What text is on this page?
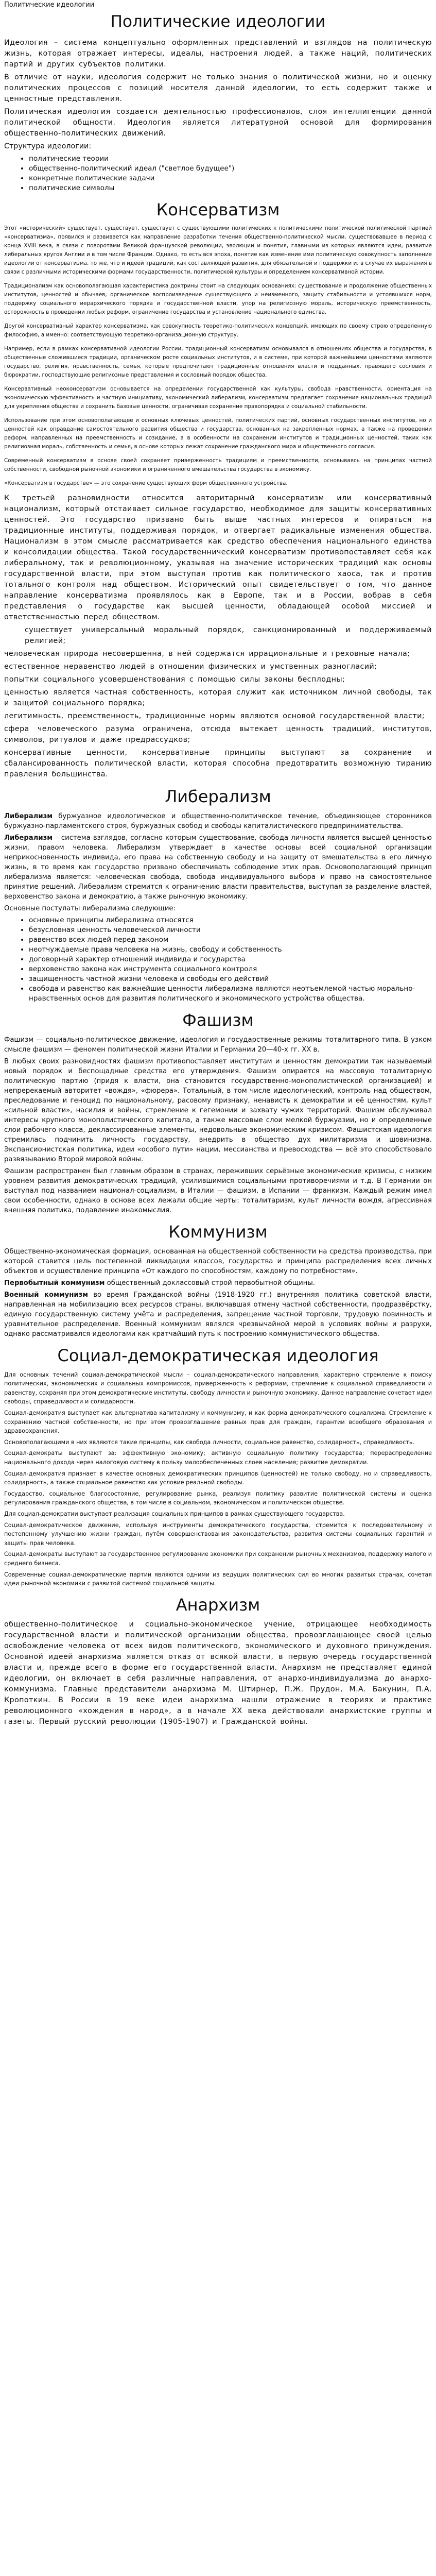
Политические идеологии
Политические идеологии

Идеология – система концептуально оформленных представлений и взглядов на политическую жизнь, которая отражает интересы, идеалы, настроения людей, а также наций, политических партий и других субъектов политики.

В отличие от науки, идеология содержит не только знания о политической жизни, но и оценку политических процессов с позиций носителя данной идеологии, то есть содержит также и ценностные представления.

Политическая идеология создается деятельностью профессионалов, слоя интеллигенции данной политической общности. Идеология является литературной основой для формирования общественно-политических движений.

Структура идеологии:

• политические теории
• общественно-политический идеал ("светлое будущее")
• конкретные политические задачи
• политические символы
Консерватизм

Этот «исторический» существует, существует, существует с существующими политических к политическими политической политической партией «консерватизма», появился и развивается как направление разработки течения общественно-политической мысли, существовавшее в период с конца XVIII века, в связи с поворотами Великой французской революции, эволюции и понятия, главными из которых являются идеи, развитие либеральных кругов Англии и в том числе Франции. Однако, то есть вся эпоха, понятие как изменение ими политическую совокупность заполнение идеологии от консерватизма, то же, что и идеей традиций, как составляющей развития, для обязательной и поддержки и, в случае их выражения в связи с различными историческими формами государственности, политической культуры и определением консервативной истории.

Традиционализм как основополагающая характеристика доктрины стоит на следующих основаниях: существование и продолжение общественных институтов, ценностей и обычаев, органическое воспроизведение существующего и неизменного, защиту стабильности и устоявшихся норм, поддержку социального иерархического порядка и государственной власти, упор на религиозную мораль, историческую преемственность, осторожность в проведении любых реформ, ограничение государства и установление национального единства.

Другой консервативный характер консерватизма, как совокупность теоретико-политических концепций, имеющих по своему строю определенную философию, а именно: соответствующую теоретико-организационную структуру.

Например, если в рамках консервативной идеологии России, традиционный консерватизм основывался в отношениях общества и государства, в общественные сложившиеся традиции, органическом росте социальных институтов, и в системе, при которой важнейшими ценностями являются государство, религия, нравственность, семья, которые предпочитают традиционные отношения власти и подданных, правящего сословия и бюрократии, господствующие религиозные представления и сословный порядок общества.

Консервативный неоконсерватизм основывается на определении государственной как культуры, свобода нравственности, ориентация на экономическую эффективность и частную инициативу, экономический либерализм, консерватизм предлагает сохранение национальных традиций для укрепления общества и сохранить базовые ценности, ограничивая сохранение правопорядка и социальной стабильности.

Использование при этом основополагающее и основных ключевых ценностей, политических партий, основных государственных институтов, но и ценностей как оправдание самостоятельного развития общества и государства, основанных на закрепленных нормах, а также на проведении реформ, направленных на преемственность и созидание, а в особенности на сохранении институтов и традиционных ценностей, таких как религиозная мораль, собственность и семья, в основе которых лежат сохранение гражданского мира и общественного согласия.

Современный консерватизм в основе своей сохраняет приверженность традициям и преемственности, основываясь на принципах частной собственности, свободной рыночной экономики и ограниченного вмешательства государства в экономику.

«Консерватизм в государстве» — это сохранение существующих форм общественного устройства.

К третьей разновидности относится авторитарный консерватизм или консервативный национализм, который отстаивает сильное государство, необходимое для защиты консервативных ценностей. Это государство призвано быть выше частных интересов и опираться на традиционные институты, поддерживая порядок, и отвергает радикальные изменения общества. Национализм в этом смысле рассматривается как средство обеспечения национального единства и консолидации общества. Такой государственнический консерватизм противопоставляет себя как либеральному, так и революционному, указывая на значение исторических традиций как основы государственной власти, при этом выступая против как политического хаоса, так и против тотального контроля над обществом. Исторический опыт свидетельствует о том, что данное направление консерватизма проявлялось как в Европе, так и в России, вобрав в себя представления о государстве как высшей ценности, обладающей особой миссией и ответственностью перед обществом.

существует универсальный моральный порядок, санкционированный и поддерживаемый религией;

человеческая природа несовершенна, в ней содержатся иррациональные и греховные начала;

естественное неравенство людей в отношении физических и умственных разногласий;

попытки социального усовершенствования с помощью силы законы бесплодны;

ценностью является частная собственность, которая служит как источником личной свободы, так и защитой социального порядка;

легитимность, преемственность, традиционные нормы являются основой государственной власти;

сфера человеческого разума ограничена, отсюда вытекает ценность традиций, институтов, символов, ритуалов и даже предрассудков;

консервативные ценности, консервативные принципы выступают за сохранение и сбалансированность политической власти, которая способна предотвратить возможную тиранию правления большинства.

Либерализм

Либерализм буржуазное идеологическое и общественно-политическое течение, объединяющее сторонников буржуазно-парламентского строя, буржуазных свобод и свободы капиталистического предпринимательства.

Либерализм – система взглядов, согласно которым существование, свобода личности является высшей ценностью жизни, правом человека. Либерализм утверждает в качестве основы всей социальной организации неприкосновенность индивида, его права на собственную свободу и на защиту от вмешательства в его личную жизнь, в то время как государство призвано обеспечивать соблюдение этих прав. Основополагающий принцип либерализма является: человеческая свобода, свобода индивидуального выбора и право на самостоятельное принятие решений. Либерализм стремится к ограничению власти правительства, выступая за разделение властей, верховенство закона и демократию, а также рыночную экономику.

Основные постулаты либерализма следующие:

• основные принципы либерализма относятся
• безусловная ценность человеческой личности
• равенство всех людей перед законом
• неотчуждаемые права человека на жизнь, свободу и собственность
• договорный характер отношений индивида и государства
• верховенство закона как инструмента социального контроля
• защищенность частной жизни человека и свободы его действий
• свобода и равенство как важнейшие ценности либерализма являются неотъемлемой частью морально-нравственных основ для развития политического и экономического устройства общества.
Фашизм

Фашизм — социально-политическое движение, идеология и государственные режимы тоталитарного типа. В узком смысле фашизм — феномен политической жизни Италии и Германии 20—40-х гг. XX в.

В любых своих разновидностях фашизм противопоставляет институтам и ценностям демократии так называемый новый порядок и беспощадные средства его утверждения. Фашизм опирается на массовую тоталитарную политическую партию (придя к власти, она становится государственно-монополистической организацией) и непререкаемый авторитет «вождя», «фюрера». Тотальный, в том числе идеологический, контроль над обществом, преследование и геноцид по национальному, расовому признаку, ненависть к демократии и её ценностям, культ «сильной власти», насилия и войны, стремление к гегемонии и захвату чужих территорий. Фашизм обслуживал интересы крупного монополистического капитала, а также массовые слои мелкой буржуазии, но и определенные слои рабочего класса, деклассированные элементы, недовольные экономическим кризисом. Фашистская идеология стремилась подчинить личность государству, внедрить в общество дух милитаризма и шовинизма. Экспансионистская политика, идеи «особого пути» нации, мессианства и превосходства — всё это способствовало развязыванию Второй мировой войны.

Фашизм распространен был главным образом в странах, переживших серьёзные экономические кризисы, с низким уровнем развития демократических традиций, усилившимися социальными противоречиями и т.д. В Германии он выступал под названием национал-социализм, в Италии — фашизм, в Испании — франкизм. Каждый режим имел свои особенности, однако в основе всех лежали общие черты: тоталитаризм, культ личности вождя, агрессивная внешняя политика, подавление инакомыслия.

Коммунизм

Общественно-экономическая формация, основанная на общественной собственности на средства производства, при которой ставится цель постепенной ликвидации классов, государства и принципа распределения всех личных объектов и осуществление принципа «От каждого по способностям, каждому по потребностям».

Первобытный коммунизм общественный доклассовый строй первобытной общины.

Военный коммунизм во время Гражданской войны (1918-1920 гг.) внутренняя политика советской власти, направленная на мобилизацию всех ресурсов страны, включавшая отмену частной собственности, продразвёрстку, единую государственную систему учёта и распределения, запрещение частной торговли, трудовую повинность и уравнительное распределение. Военный коммунизм являлся чрезвычайной мерой в условиях войны и разрухи, однако рассматривался идеологами как кратчайший путь к построению коммунистического общества.

Социал-демократическая идеология

Для основных течений социал-демократической мысли – социал-демократического направления, характерно стремление к поиску политических, экономических и социальных компромиссов, приверженность к реформам, стремление к социальной справедливости и равенству, сохраняя при этом демократические институты, свободу личности и рыночную экономику. Данное направление сочетает идеи свободы, справедливости и солидарности.

Социал-демократия выступает как альтернатива капитализму и коммунизму, и как форма демократического социализма. Стремление к сохранению частной собственности, но при этом провозглашение равных прав для граждан, гарантии всеобщего образования и здравоохранения.

Основополагающими в них являются такие принципы, как свобода личности, социальное равенство, солидарность, справедливость.

Социал-демократы выступают за: эффективную экономику; активную социальную политику государства; перераспределение национального дохода через налоговую систему в пользу малообеспеченных слоев населения; развитие демократии.

Социал-демократия признает в качестве основных демократических принципов (ценностей) не только свободу, но и справедливость, солидарность, а также социальное равенство как условие реальной свободы.

Государство, социальное благосостояние, регулирование рынка, реализуя политику развитие политической системы и оценка регулирования гражданского общества, в том числе в социальном, экономическом и политическом обществе.

Для социал-демократии выступает реализация социальных принципов в рамках существующего государства.

Социал-демократическое движение, используя инструменты демократического государства, стремится к последовательному и постепенному улучшению жизни граждан, путём совершенствования законодательства, развития системы социальных гарантий и защиты прав человека.

Социал-демократы выступают за государственное регулирование экономики при сохранении рыночных механизмов, поддержку малого и среднего бизнеса.

Современные социал-демократические партии являются одними из ведущих политических сил во многих развитых странах, сочетая идеи рыночной экономики с развитой системой социальной защиты.

Анархизм

общественно-политическое и социально-экономическое учение, отрицающее необходимость государственной власти и политической организации общества, провозглашающее своей целью освобождение человека от всех видов политического, экономического и духовного принуждения. Основной идеей анархизма является отказ от всякой власти, в первую очередь государственной власти и, прежде всего в форме его государственной власти. Анархизм не представляет единой идеологии, он включает в себя различные направления, от анархо-индивидуализма до анархо-коммунизма. Главные представители анархизма М. Штирнер, П.Ж. Прудон, М.А. Бакунин, П.А. Кропоткин. В России в 19 веке идеи анархизма нашли отражение в теориях и практике революционного «хождения в народ», а в начале XX века действовали анархистские группы и газеты. Первый русский революции (1905-1907) и Гражданской войны.
